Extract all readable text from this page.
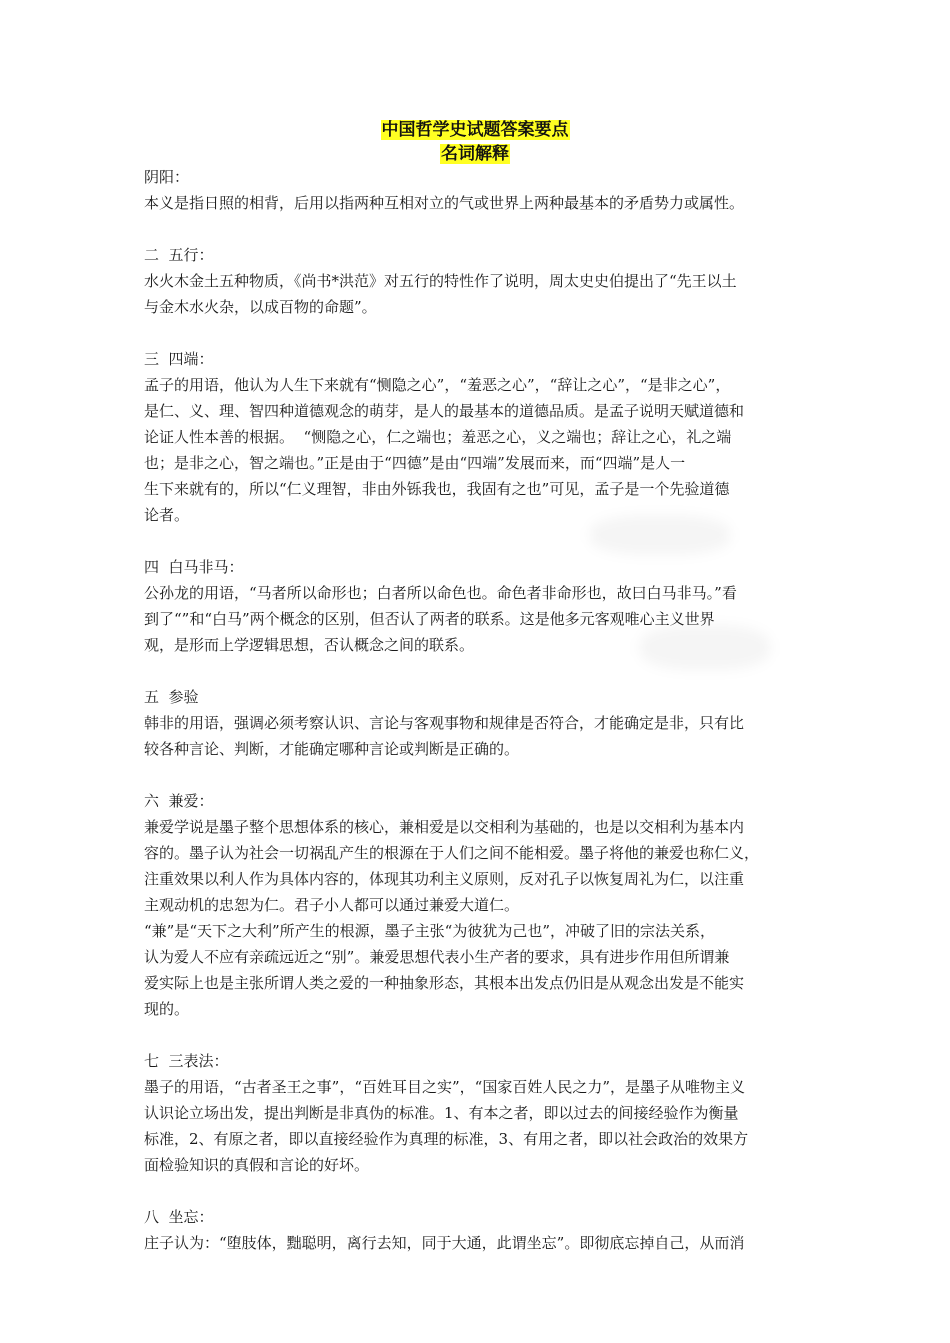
中国哲学史试题答案要点
名词解释
阴阳：
本义是指日照的相背，后用以指两种互相对立的气或世界上两种最基本的矛盾势力或属性。
二  五行：
水火木金土五种物质，《尚书*洪范》对五行的特性作了说明，周太史史伯提出了“先王以土
与金木水火杂，以成百物的命题”。
三  四端：
孟子的用语，他认为人生下来就有“恻隐之心”，“羞恶之心”，“辞让之心”，“是非之心”，
是仁、义、理、智四种道德观念的萌芽，是人的最基本的道德品质。是孟子说明天赋道德和
论证人性本善的根据。  “恻隐之心，仁之端也；羞恶之心，义之端也；辞让之心，礼之端
也；是非之心，智之端也。”正是由于“四德”是由“四端”发展而来，而“四端”是人一
生下来就有的，所以“仁义理智，非由外铄我也，我固有之也”可见，孟子是一个先验道德
论者。
四  白马非马：
公孙龙的用语，“马者所以命形也；白者所以命色也。命色者非命形也，故曰白马非马。”看
到了“”和“白马”两个概念的区别，但否认了两者的联系。这是他多元客观唯心主义世界
观，是形而上学逻辑思想，否认概念之间的联系。
五  参验
韩非的用语，强调必须考察认识、言论与客观事物和规律是否符合，才能确定是非，只有比
较各种言论、判断，才能确定哪种言论或判断是正确的。
六  兼爱：
兼爱学说是墨子整个思想体系的核心，兼相爱是以交相利为基础的，也是以交相利为基本内
容的。墨子认为社会一切祸乱产生的根源在于人们之间不能相爱。墨子将他的兼爱也称仁义，
注重效果以利人作为具体内容的，体现其功利主义原则，反对孔子以恢复周礼为仁，以注重
主观动机的忠恕为仁。君子小人都可以通过兼爱大道仁。
“兼”是“天下之大利”所产生的根源，墨子主张“为彼犹为己也”，冲破了旧的宗法关系，
认为爱人不应有亲疏远近之“别”。兼爱思想代表小生产者的要求，具有进步作用但所谓兼
爱实际上也是主张所谓人类之爱的一种抽象形态，其根本出发点仍旧是从观念出发是不能实
现的。
七  三表法：
墨子的用语，“古者圣王之事”，“百姓耳目之实”，“国家百姓人民之力”，是墨子从唯物主义
认识论立场出发，提出判断是非真伪的标准。1、有本之者，即以过去的间接经验作为衡量
标准，2、有原之者，即以直接经验作为真理的标准，3、有用之者，即以社会政治的效果方
面检验知识的真假和言论的好坏。
八  坐忘：
庄子认为：“堕肢体，黜聪明，离行去知，同于大通，此谓坐忘”。即彻底忘掉自己，从而消
